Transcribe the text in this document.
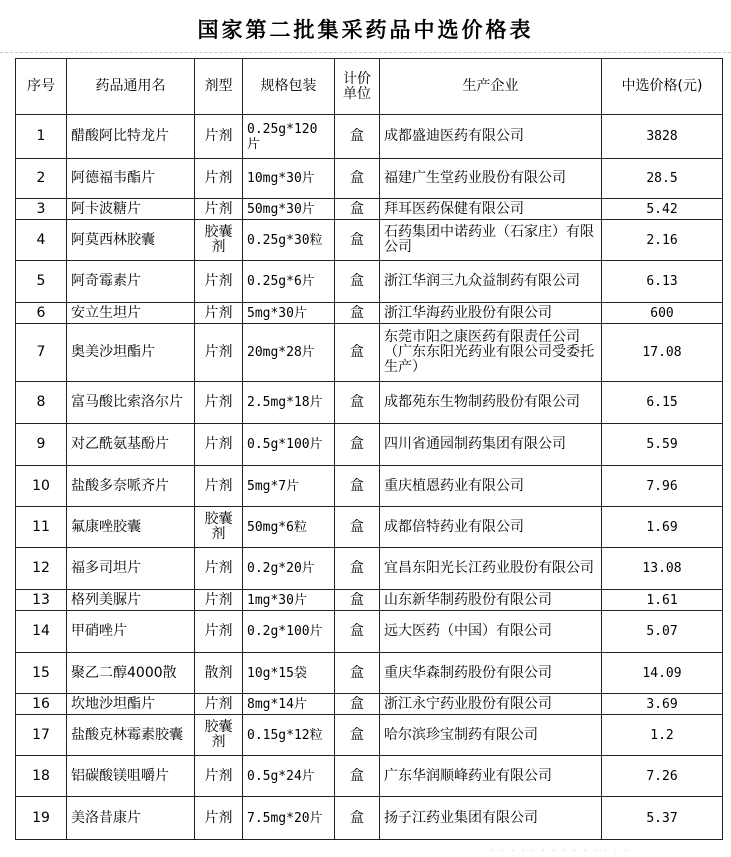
国家第二批集采药品中选价格表
序号	药品通用名	剂型	规格包装	计价单位	生产企业	中选价格(元)
1	醋酸阿比特龙片	片剂	0.25g*120片	盒	成都盛迪医药有限公司	3828
2	阿德福韦酯片	片剂	10mg*30片	盒	福建广生堂药业股份有限公司	28.5
3	阿卡波糖片	片剂	50mg*30片	盒	拜耳医药保健有限公司	5.42
4	阿莫西林胶囊	胶囊剂	0.25g*30粒	盒	石药集团中诺药业（石家庄）有限公司	2.16
5	阿奇霉素片	片剂	0.25g*6片	盒	浙江华润三九众益制药有限公司	6.13
6	安立生坦片	片剂	5mg*30片	盒	浙江华海药业股份有限公司	600
7	奥美沙坦酯片	片剂	20mg*28片	盒	东莞市阳之康医药有限责任公司（广东东阳光药业有限公司受委托生产）	17.08
8	富马酸比索洛尔片	片剂	2.5mg*18片	盒	成都苑东生物制药股份有限公司	6.15
9	对乙酰氨基酚片	片剂	0.5g*100片	盒	四川省通园制药集团有限公司	5.59
10	盐酸多奈哌齐片	片剂	5mg*7片	盒	重庆植恩药业有限公司	7.96
11	氟康唑胶囊	胶囊剂	50mg*6粒	盒	成都倍特药业有限公司	1.69
12	福多司坦片	片剂	0.2g*20片	盒	宜昌东阳光长江药业股份有限公司	13.08
13	格列美脲片	片剂	1mg*30片	盒	山东新华制药股份有限公司	1.61
14	甲硝唑片	片剂	0.2g*100片	盒	远大医药（中国）有限公司	5.07
15	聚乙二醇4000散	散剂	10g*15袋	盒	重庆华森制药股份有限公司	14.09
16	坎地沙坦酯片	片剂	8mg*14片	盒	浙江永宁药业股份有限公司	3.69
17	盐酸克林霉素胶囊	胶囊剂	0.15g*12粒	盒	哈尔滨珍宝制药有限公司	1.2
18	铝碳酸镁咀嚼片	片剂	0.5g*24片	盒	广东华润顺峰药业有限公司	7.26
19	美洛昔康片	片剂	7.5mg*20片	盒	扬子江药业集团有限公司	5.37
· · · · · · · · · · · · · ·
